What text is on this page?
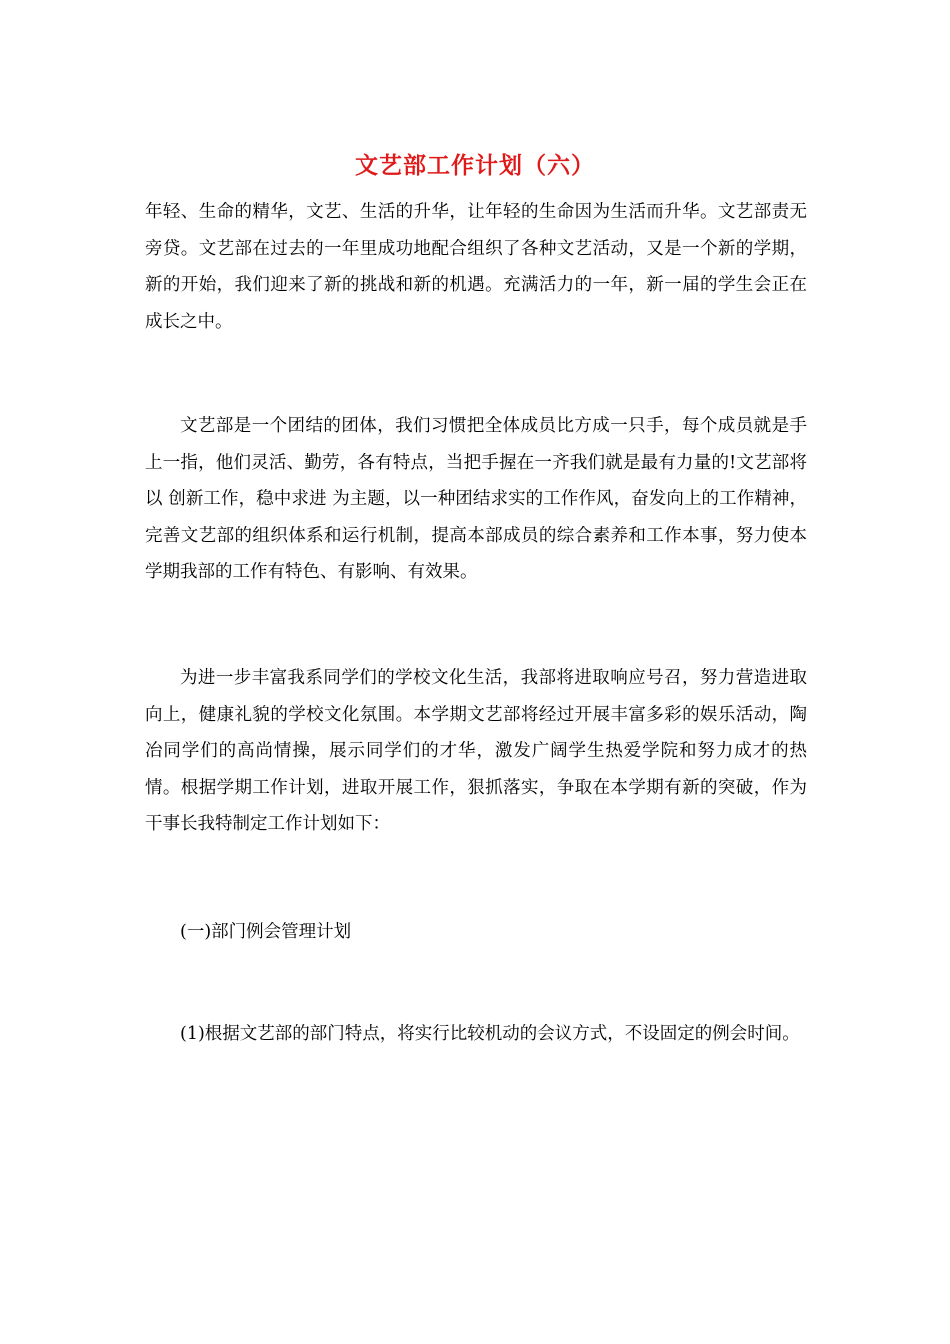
文艺部工作计划（六）

年轻、生命的精华，文艺、生活的升华，让年轻的生命因为生活而升华。文艺部责无旁贷。文艺部在过去的一年里成功地配合组织了各种文艺活动，又是一个新的学期，新的开始，我们迎来了新的挑战和新的机遇。充满活力的一年，新一届的学生会正在成长之中。

文艺部是一个团结的团体，我们习惯把全体成员比方成一只手，每个成员就是手上一指，他们灵活、勤劳，各有特点，当把手握在一齐我们就是最有力量的!文艺部将以 创新工作，稳中求进 为主题，以一种团结求实的工作作风，奋发向上的工作精神，完善文艺部的组织体系和运行机制，提高本部成员的综合素养和工作本事，努力使本学期我部的工作有特色、有影响、有效果。

为进一步丰富我系同学们的学校文化生活，我部将进取响应号召，努力营造进取向上，健康礼貌的学校文化氛围。本学期文艺部将经过开展丰富多彩的娱乐活动，陶冶同学们的高尚情操，展示同学们的才华，激发广阔学生热爱学院和努力成才的热情。根据学期工作计划，进取开展工作，狠抓落实，争取在本学期有新的突破，作为干事长我特制定工作计划如下：

(一)部门例会管理计划

(1)根据文艺部的部门特点，将实行比较机动的会议方式，不设固定的例会时间。
